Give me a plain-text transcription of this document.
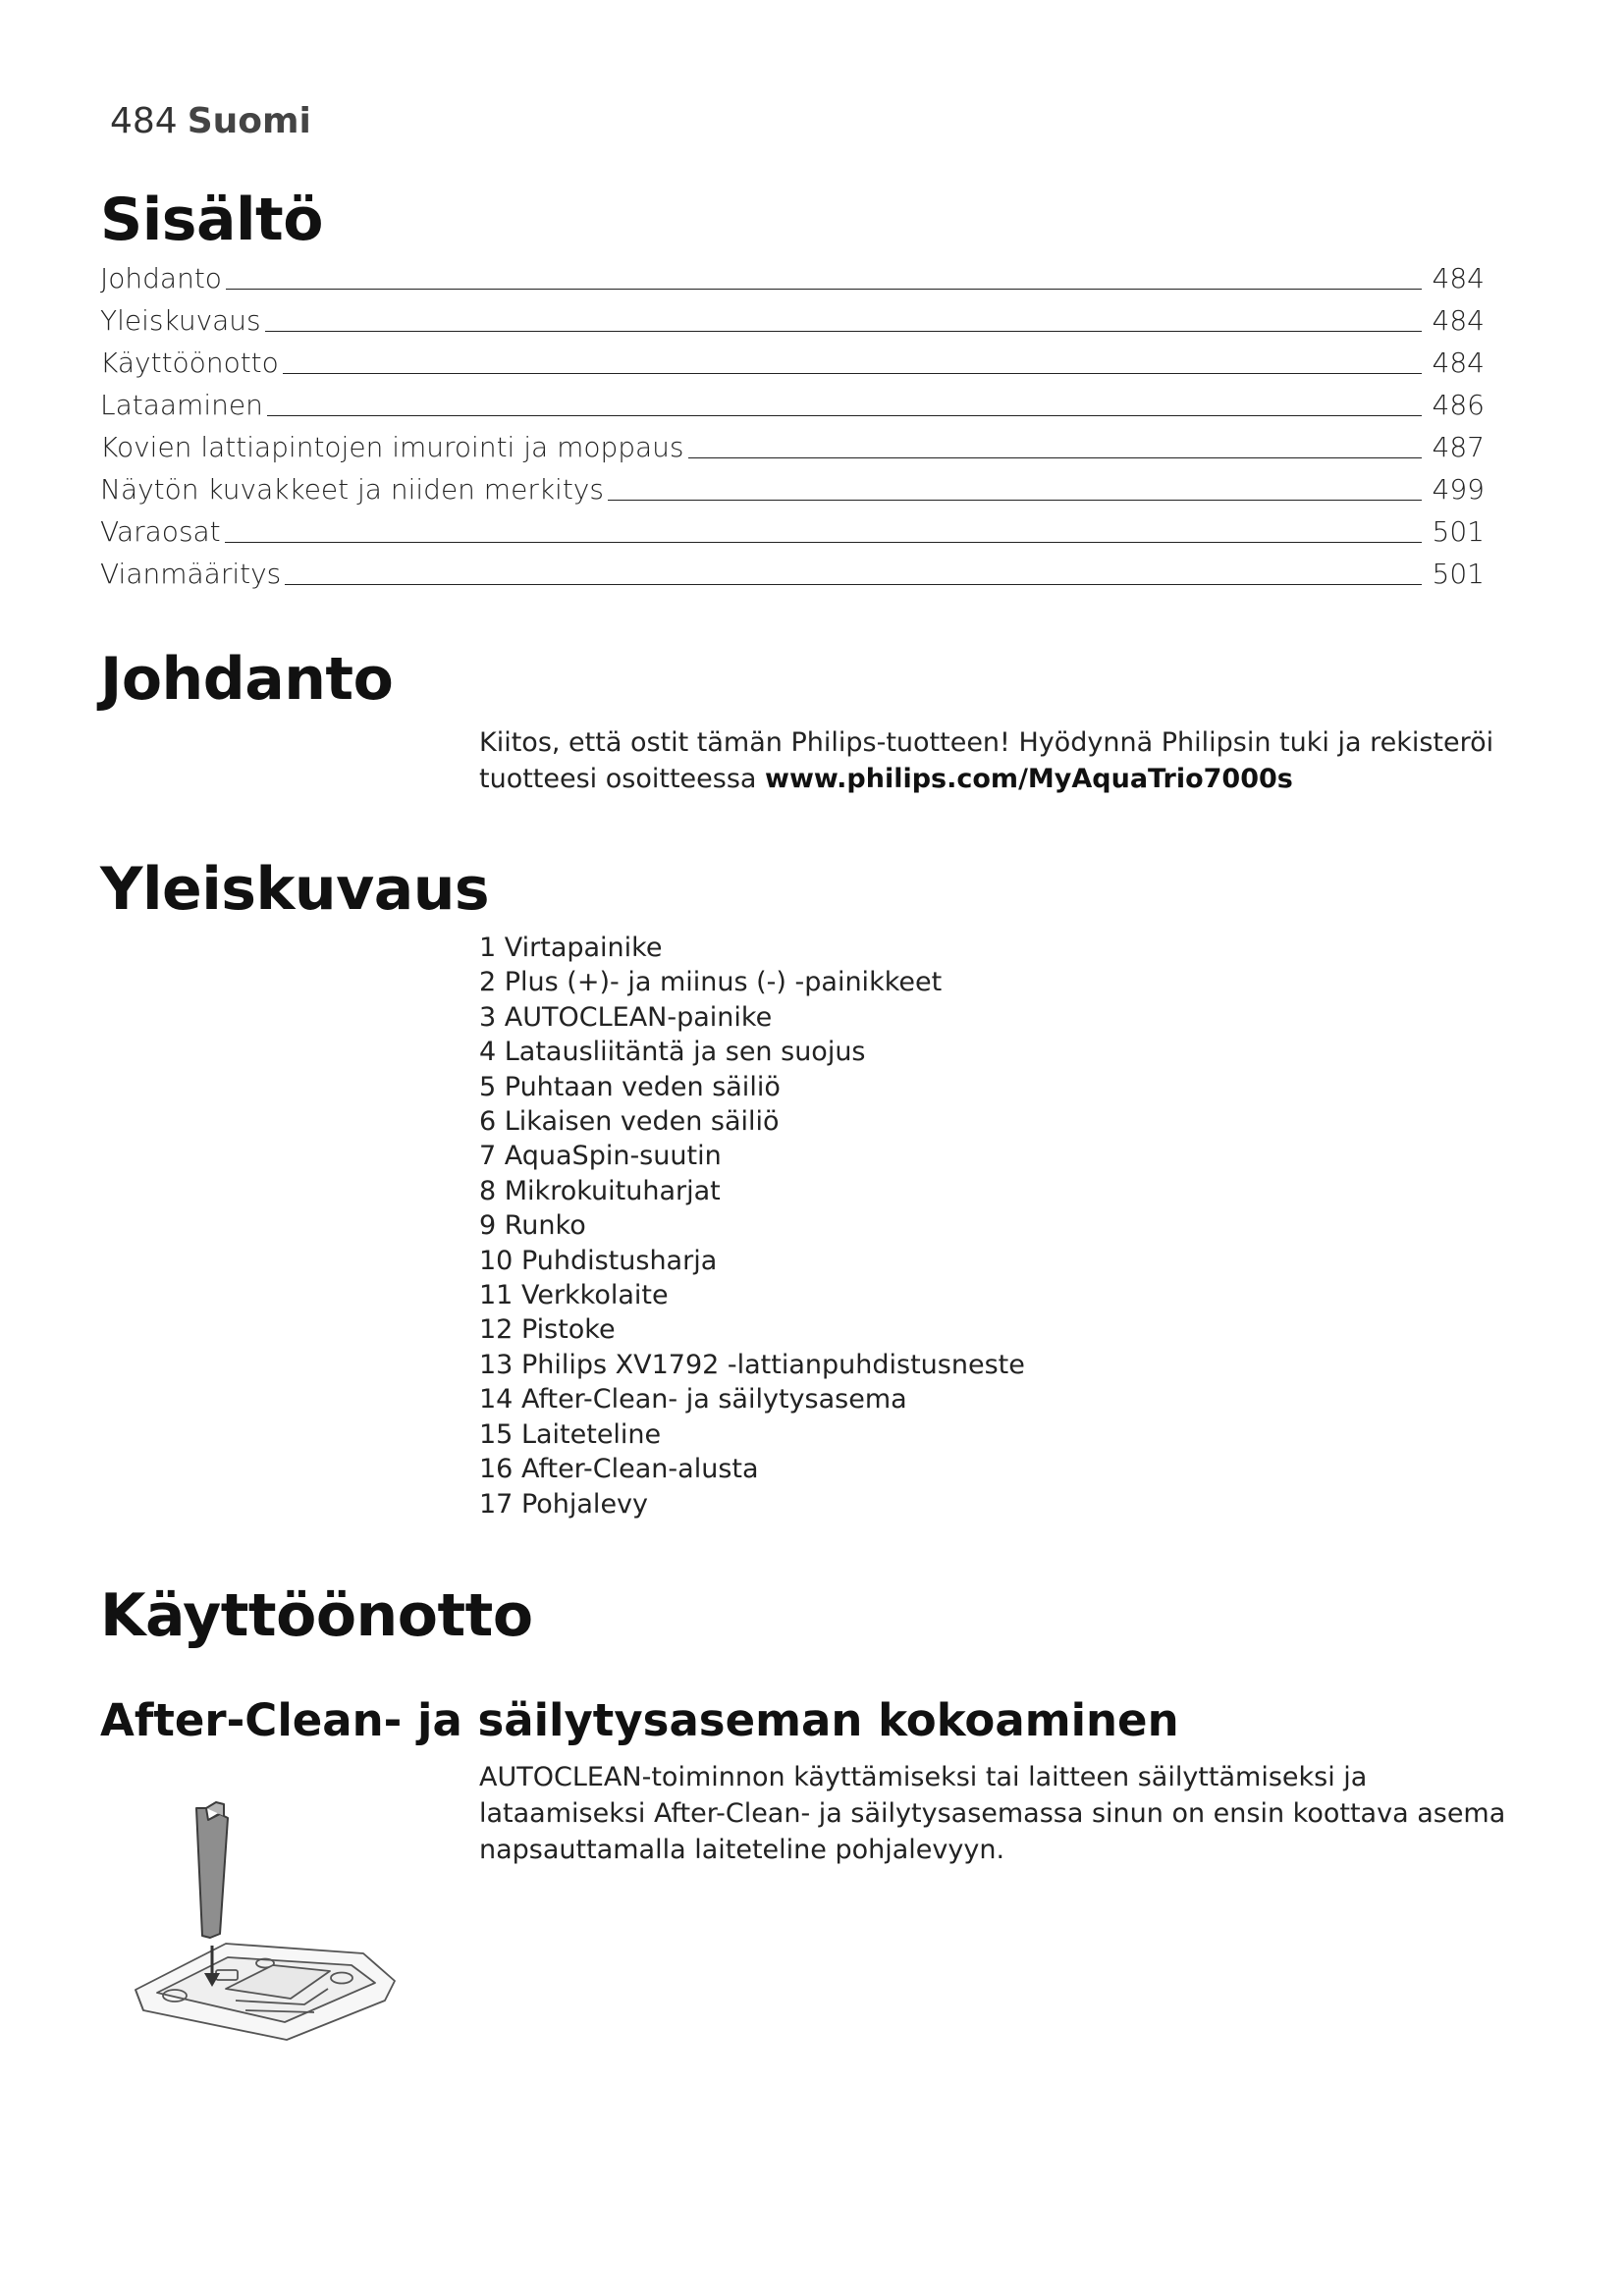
484 Suomi
Sisältö
Johdanto	484
Yleiskuvaus	484
Käyttöönotto	484
Lataaminen	486
Kovien lattiapintojen imurointi ja moppaus	487
Näytön kuvakkeet ja niiden merkitys	499
Varaosat	501
Vianmääritys	501
Johdanto

Kiitos, että ostit tämän Philips-tuotteen! Hyödynnä Philipsin tuki ja rekisteröi tuotteesi osoitteessa www.philips.com/MyAquaTrio7000s

Yleiskuvaus
1 Virtapainike
2 Plus (+)- ja miinus (-) -painikkeet
3 AUTOCLEAN-painike
4 Latausliitäntä ja sen suojus
5 Puhtaan veden säiliö
6 Likaisen veden säiliö
7 AquaSpin-suutin
8 Mikrokuituharjat
9 Runko
10 Puhdistusharja
11 Verkkolaite
12 Pistoke
13 Philips XV1792 -lattianpuhdistusneste
14 After-Clean- ja säilytysasema
15 Laiteteline
16 After-Clean-alusta
17 Pohjalevy
Käyttöönotto
After-Clean- ja säilytysaseman kokoaminen

AUTOCLEAN-toiminnon käyttämiseksi tai laitteen säilyttämiseksi ja lataamiseksi After-Clean- ja säilytysasemassa sinun on ensin koottava asema napsauttamalla laiteteline pohjalevyyn.
